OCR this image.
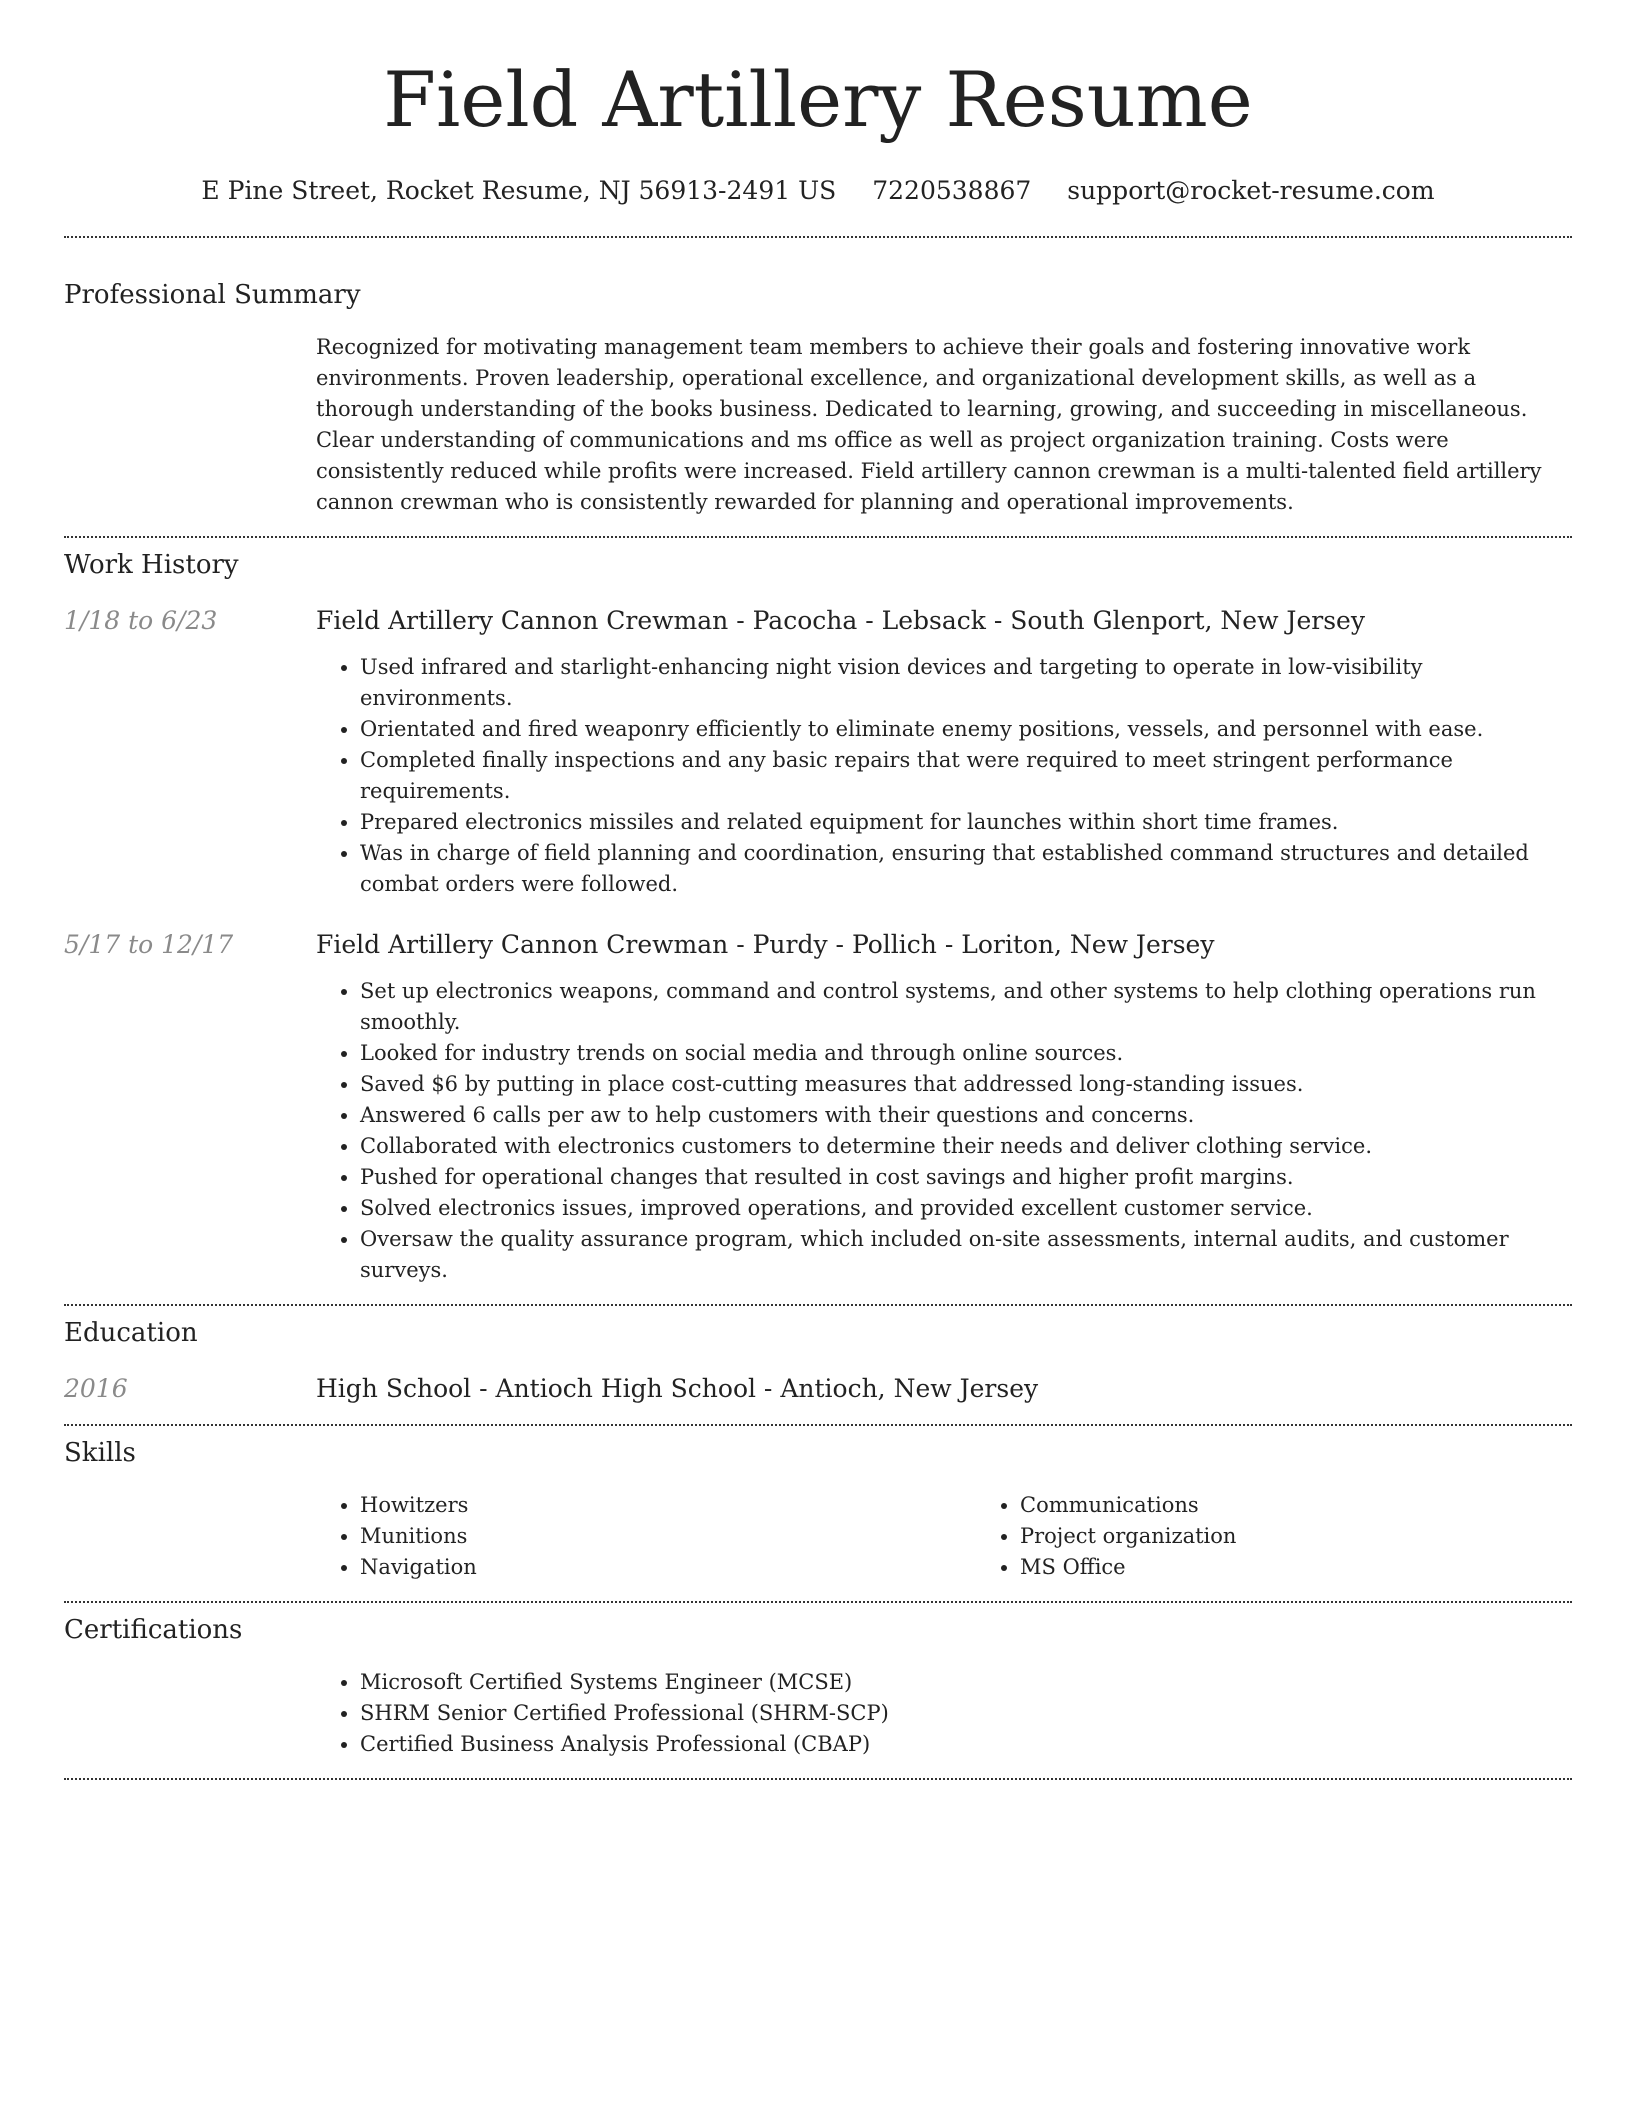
Field Artillery Resume
E Pine Street, Rocket Resume, NJ 56913-2491 US 7220538867 support@rocket-resume.com
Professional Summary

Recognized for motivating management team members to achieve their goals and fostering innovative work environments. Proven leadership, operational excellence, and organizational development skills, as well as a thorough understanding of the books business. Dedicated to learning, growing, and succeeding in miscellaneous. Clear understanding of communications and ms office as well as project organization training. Costs were consistently reduced while profits were increased. Field artillery cannon crewman is a multi-talented field artillery cannon crewman who is consistently rewarded for planning and operational improvements.

Work History
1/18 to 6/23	Field Artillery Cannon Crewman - Pacocha - Lebsack - South Glenport, New Jersey

• Used infrared and starlight-enhancing night vision devices and targeting to operate in low-visibility environments.
• Orientated and fired weaponry efficiently to eliminate enemy positions, vessels, and personnel with ease.
• Completed finally inspections and any basic repairs that were required to meet stringent performance requirements.
• Prepared electronics missiles and related equipment for launches within short time frames.
• Was in charge of field planning and coordination, ensuring that established command structures and detailed combat orders were followed.
5/17 to 12/17	Field Artillery Cannon Crewman - Purdy - Pollich - Loriton, New Jersey

• Set up electronics weapons, command and control systems, and other systems to help clothing operations run smoothly.
• Looked for industry trends on social media and through online sources.
• Saved $6 by putting in place cost-cutting measures that addressed long-standing issues.
• Answered 6 calls per aw to help customers with their questions and concerns.
• Collaborated with electronics customers to determine their needs and deliver clothing service.
• Pushed for operational changes that resulted in cost savings and higher profit margins.
• Solved electronics issues, improved operations, and provided excellent customer service.
• Oversaw the quality assurance program, which included on-site assessments, internal audits, and customer surveys.
Education
2016	High School - Antioch High School - Antioch, New Jersey

Skills
• Howitzers
• Munitions
• Navigation
• Communications
• Project organization
• MS Office
Certifications
• Microsoft Certified Systems Engineer (MCSE)
• SHRM Senior Certified Professional (SHRM-SCP)
• Certified Business Analysis Professional (CBAP)
